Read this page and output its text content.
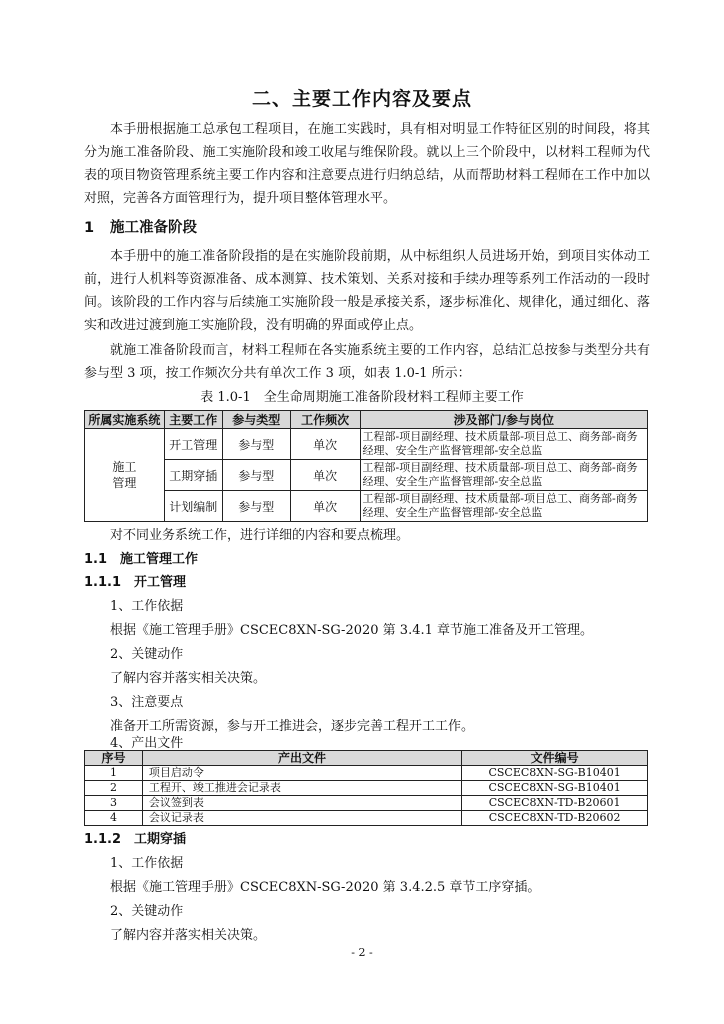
二、主要工作内容及要点

本手册根据施工总承包工程项目，在施工实践时，具有相对明显工作特征区别的时间段，将其分为施工准备阶段、施工实施阶段和竣工收尾与维保阶段。就以上三个阶段中，以材料工程师为代表的项目物资管理系统主要工作内容和注意要点进行归纳总结，从而帮助材料工程师在工作中加以对照，完善各方面管理行为，提升项目整体管理水平。

1 施工准备阶段

本手册中的施工准备阶段指的是在实施阶段前期，从中标组织人员进场开始，到项目实体动工前，进行人机料等资源准备、成本测算、技术策划、关系对接和手续办理等系列工作活动的一段时间。该阶段的工作内容与后续施工实施阶段一般是承接关系，逐步标准化、规律化，通过细化、落实和改进过渡到施工实施阶段，没有明确的界面或停止点。

就施工准备阶段而言，材料工程师在各实施系统主要的工作内容，总结汇总按参与类型分共有参与型 3 项，按工作频次分共有单次工作 3 项，如表 1.0-1 所示：

表 1.0-1　全生命周期施工准备阶段材料工程师主要工作
所属实施系统	主要工作	参与类型	工作频次	涉及部门/参与岗位
施工
管理	开工管理	参与型	单次	工程部-项目副经理、技术质量部-项目总工、商务部-商务经理、安全生产监督管理部-安全总监
	工期穿插	参与型	单次	工程部-项目副经理、技术质量部-项目总工、商务部-商务经理、安全生产监督管理部-安全总监
	计划编制	参与型	单次	工程部-项目副经理、技术质量部-项目总工、商务部-商务经理、安全生产监督管理部-安全总监
对不同业务系统工作，进行详细的内容和要点梳理。
1.1 施工管理工作
1.1.1 开工管理
1、工作依据
根据《施工管理手册》CSCEC8XN-SG-2020 第 3.4.1 章节施工准备及开工管理。
2、关键动作
了解内容并落实相关决策。
3、注意要点
准备开工所需资源，参与开工推进会，逐步完善工程开工工作。
4、产出文件
序号	产出文件	文件编号
1	项目启动令	CSCEC8XN-SG-B10401
2	工程开、竣工推进会记录表	CSCEC8XN-SG-B10401
3	会议签到表	CSCEC8XN-TD-B20601
4	会议记录表	CSCEC8XN-TD-B20602
1.1.2 工期穿插
1、工作依据
根据《施工管理手册》CSCEC8XN-SG-2020 第 3.4.2.5 章节工序穿插。
2、关键动作
了解内容并落实相关决策。
- 2 -
